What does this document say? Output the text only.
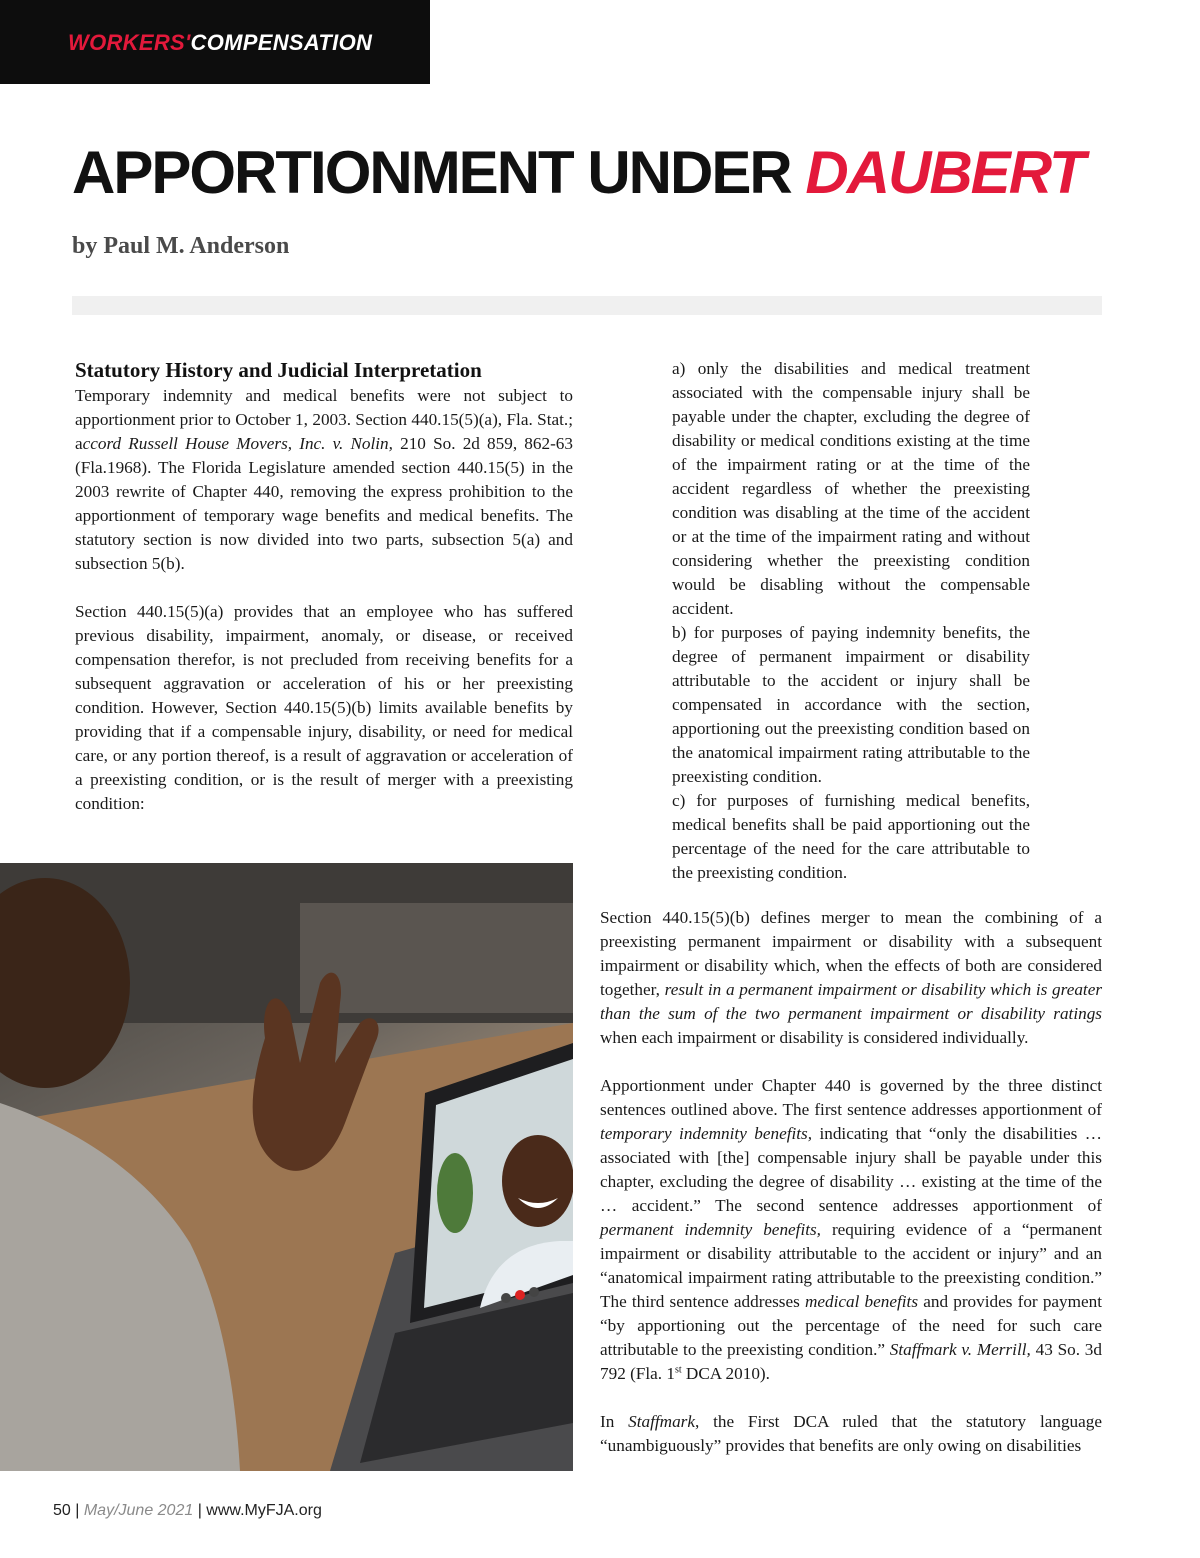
WORKERS'COMPENSATION
APPORTIONMENT UNDER DAUBERT
by Paul M. Anderson
Statutory History and Judicial Interpretation

Temporary indemnity and medical benefits were not subject to apportionment prior to October 1, 2003. Section 440.15(5)(a), Fla. Stat.; accord Russell House Movers, Inc. v. Nolin, 210 So. 2d 859, 862-63 (Fla.1968). The Florida Legislature amended section 440.15(5) in the 2003 rewrite of Chapter 440, removing the express prohibition to the apportionment of temporary wage benefits and medical benefits. The statutory section is now divided into two parts, subsection 5(a) and subsection 5(b).

Section 440.15(5)(a) provides that an employee who has suffered previous disability, impairment, anomaly, or disease, or received compensation therefor, is not precluded from receiving benefits for a subsequent aggravation or acceleration of his or her preexisting condition. However, Section 440.15(5)(b) limits available benefits by providing that if a compensable injury, disability, or need for medical care, or any portion thereof, is a result of aggravation or acceleration of a preexisting condition, or is the result of merger with a preexisting condition:

a) only the disabilities and medical treatment associated with the compensable injury shall be payable under the chapter, excluding the degree of disability or medical conditions existing at the time of the impairment rating or at the time of the accident regardless of whether the preexisting condition was disabling at the time of the accident or at the time of the impairment rating and without considering whether the preexisting condition would be disabling without the compensable accident.

b) for purposes of paying indemnity benefits, the degree of permanent impairment or disability attributable to the accident or injury shall be compensated in accordance with the section, apportioning out the preexisting condition based on the anatomical impairment rating attributable to the preexisting condition.

c) for purposes of furnishing medical benefits, medical benefits shall be paid apportioning out the percentage of the need for the care attributable to the preexisting condition.

Section 440.15(5)(b) defines merger to mean the combining of a preexisting permanent impairment or disability with a subsequent impairment or disability which, when the effects of both are considered together, result in a permanent impairment or disability which is greater than the sum of the two permanent impairment or disability ratings when each impairment or disability is considered individually.

Apportionment under Chapter 440 is governed by the three distinct sentences outlined above. The first sentence addresses apportionment of temporary indemnity benefits, indicating that “only the disabilities … associated with [the] compensable injury shall be payable under this chapter, excluding the degree of disability … existing at the time of the … accident.” The second sentence addresses apportionment of permanent indemnity benefits, requiring evidence of a “permanent impairment or disability attributable to the accident or injury” and an “anatomical impairment rating attributable to the preexisting condition.” The third sentence addresses medical benefits and provides for payment “by apportioning out the percentage of the need for such care attributable to the preexisting condition.” Staffmark v. Merrill, 43 So. 3d 792 (Fla. 1st DCA 2010).

In Staffmark, the First DCA ruled that the statutory language “unambiguously” provides that benefits are only owing on disabilities

50 | May/June 2021 | www.MyFJA.org
